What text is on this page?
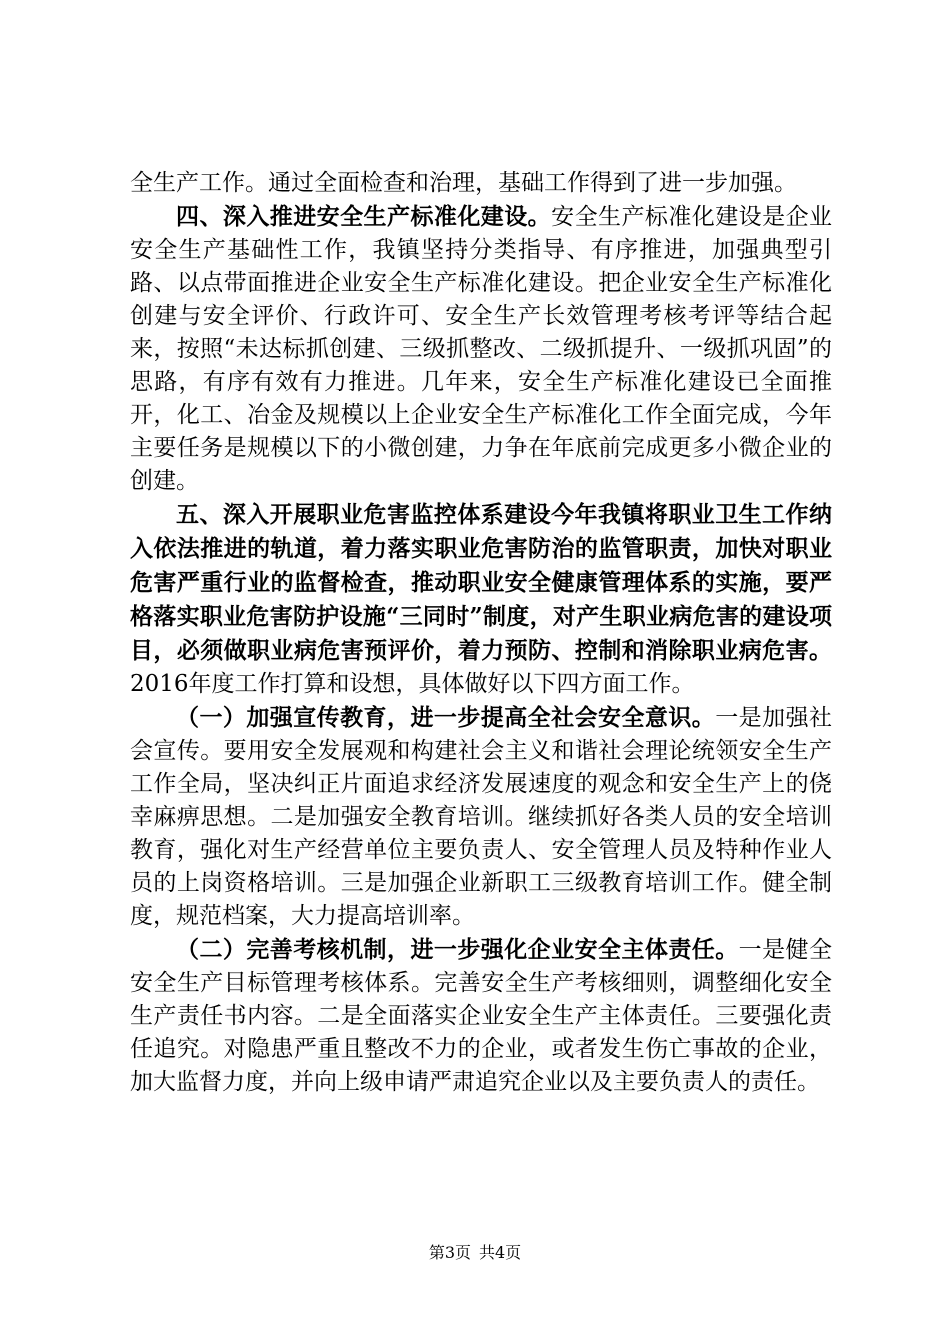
全生产工作。通过全面检查和治理，基础工作得到了进一步加强。

四、深入推进安全生产标准化建设。安全生产标准化建设是企业安全生产基础性工作，我镇坚持分类指导、有序推进，加强典型引路、以点带面推进企业安全生产标准化建设。把企业安全生产标准化创建与安全评价、行政许可、安全生产长效管理考核考评等结合起来，按照“未达标抓创建、三级抓整改、二级抓提升、一级抓巩固”的思路，有序有效有力推进。几年来，安全生产标准化建设已全面推开，化工、冶金及规模以上企业安全生产标准化工作全面完成，今年主要任务是规模以下的小微创建，力争在年底前完成更多小微企业的创建。

五、深入开展职业危害监控体系建设今年我镇将职业卫生工作纳入依法推进的轨道，着力落实职业危害防治的监管职责，加快对职业危害严重行业的监督检查，推动职业安全健康管理体系的实施，要严格落实职业危害防护设施“三同时”制度，对产生职业病危害的建设项目，必须做职业病危害预评价，着力预防、控制和消除职业病危害。2016年度工作打算和设想，具体做好以下四方面工作。

（一）加强宣传教育，进一步提高全社会安全意识。一是加强社会宣传。要用安全发展观和构建社会主义和谐社会理论统领安全生产工作全局，坚决纠正片面追求经济发展速度的观念和安全生产上的侥幸麻痹思想。二是加强安全教育培训。继续抓好各类人员的安全培训教育，强化对生产经营单位主要负责人、安全管理人员及特种作业人员的上岗资格培训。三是加强企业新职工三级教育培训工作。健全制度，规范档案，大力提高培训率。

（二）完善考核机制，进一步强化企业安全主体责任。一是健全安全生产目标管理考核体系。完善安全生产考核细则，调整细化安全生产责任书内容。二是全面落实企业安全生产主体责任。三要强化责任追究。对隐患严重且整改不力的企业，或者发生伤亡事故的企业，加大监督力度，并向上级申请严肃追究企业以及主要负责人的责任。

第3页 共4页
